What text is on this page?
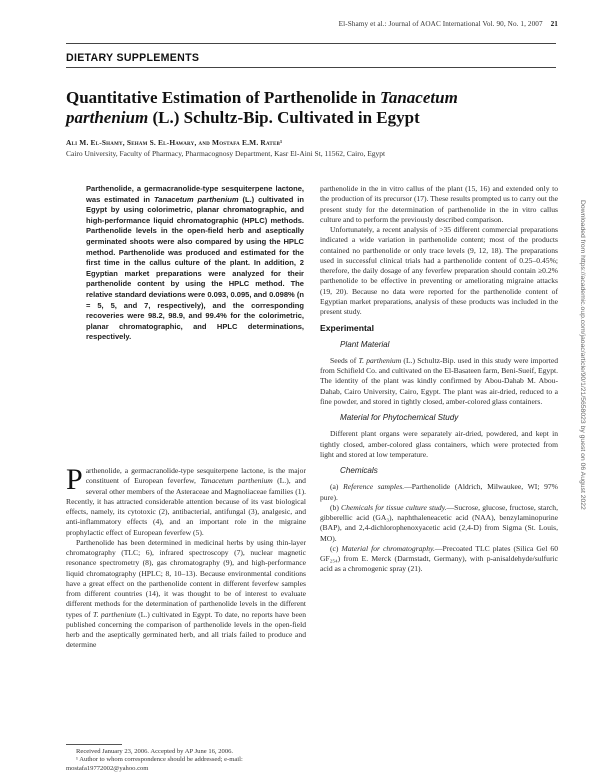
El-Shamy et al.: Journal of AOAC International Vol. 90, No. 1, 2007 21
DIETARY SUPPLEMENTS
Quantitative Estimation of Parthenolide in Tanacetum
parthenium (L.) Schultz-Bip. Cultivated in Egypt
Ali M. El-Shamy, Seham S. El-Hawary, and Mostafa E.M. Rateb¹
Cairo University, Faculty of Pharmacy, Pharmacognosy Department, Kasr El-Aini St, 11562, Cairo, Egypt
Parthenolide, a germacranolide-type sesquiterpene lactone, was estimated in Tanacetum parthenium (L.) cultivated in Egypt by using colorimetric, planar chromatographic, and high-performance liquid chromatographic (HPLC) methods. Parthenolide levels in the open-field herb and aseptically germinated shoots were also compared by using the HPLC method. Parthenolide was produced and estimated for the first time in the callus culture of the plant. In addition, 2 Egyptian market preparations were analyzed for their parthenolide content by using the HPLC method. The relative standard deviations were 0.093, 0.095, and 0.098% (n = 5, 5, and 7, respectively), and the corresponding recoveries were 98.2, 98.9, and 99.4% for the colorimetric, planar chromatographic, and HPLC determinations, respectively.

Parthenolide, a germacranolide-type sesquiterpene lactone, is the major constituent of European feverfew, Tanacetum parthenium (L.), and several other members of the Asteraceae and Magnoliaceae families (1). Recently, it has attracted considerable attention because of its vast biological effects, namely, its cytotoxic (2), antibacterial, antifungal (3), analgesic, and anti-inflammatory effects (4), and an important role in the migraine prophylactic effect of European feverfew (5).

Parthenolide has been determined in medicinal herbs by using thin-layer chromatography (TLC; 6), infrared spectroscopy (7), nuclear magnetic resonance spectrometry (8), gas chromatography (9), and high-performance liquid chromatography (HPLC; 8, 10–13). Because environmental conditions have a great effect on the parthenolide content in different feverfew samples from different countries (14), it was thought to be of interest to evaluate different methods for the determination of parthenolide levels in the different types of T. parthenium (L.) cultivated in Egypt. To date, no reports have been published concerning the comparison of parthenolide levels in the open-field herb and the aseptically germinated herb, and all trials failed to produce and determine

Received January 23, 2006. Accepted by AP June 16, 2006.
¹ Author to whom correspondence should be addressed; e-mail: mostafa19772002@yahoo.com

parthenolide in the in vitro callus of the plant (15, 16) and extended only to the production of its precursor (17). These results prompted us to carry out the present study for the determination of parthenolide in the in vitro callus culture and to perform the previously described comparison.

Unfortunately, a recent analysis of >35 different commercial preparations indicated a wide variation in parthenolide content; most of the products contained no parthenolide or only trace levels (9, 12, 18). The preparations used in successful clinical trials had a parthenolide content of 0.25–0.45%; therefore, the daily dosage of any feverfew preparation should contain ≥0.2% parthenolide to be effective in preventing or ameliorating migraine attacks (19, 20). Because no data were reported for the parthenolide content of Egyptian market preparations, analysis of these products was included in the present study.

Experimental
Plant Material

Seeds of T. parthenium (L.) Schultz-Bip. used in this study were imported from Schifield Co. and cultivated on the El-Basateen farm, Beni-Sueif, Egypt. The identity of the plant was kindly confirmed by Abou-Dahab M. Abou-Dahab, Cairo University, Cairo, Egypt. The plant was air-dried, reduced to a fine powder, and stored in tightly closed, amber-colored glass containers.

Material for Phytochemical Study

Different plant organs were separately air-dried, powdered, and kept in tightly closed, amber-colored glass containers, which were protected from light and stored at low temperature.

Chemicals

(a) Reference samples.—Parthenolide (Aldrich, Milwaukee, WI; 97% pure).

(b) Chemicals for tissue culture study.—Sucrose, glucose, fructose, starch, gibberellic acid (GA₃), naphthaleneacetic acid (NAA), benzylaminopurine (BAP), and 2,4-dichlorophenoxyacetic acid (2,4-D) from Sigma (St. Louis, MO).

(c) Material for chromatography.—Precoated TLC plates (Silica Gel 60 GF₂₅₄) from E. Merck (Darmstadt, Germany), with p-anisaldehyde/sulfuric acid as a chromogenic spray (21).

Downloaded from https://academic.oup.com/jaoac/article/90/1/21/5658023 by guest on 06 August 2022
